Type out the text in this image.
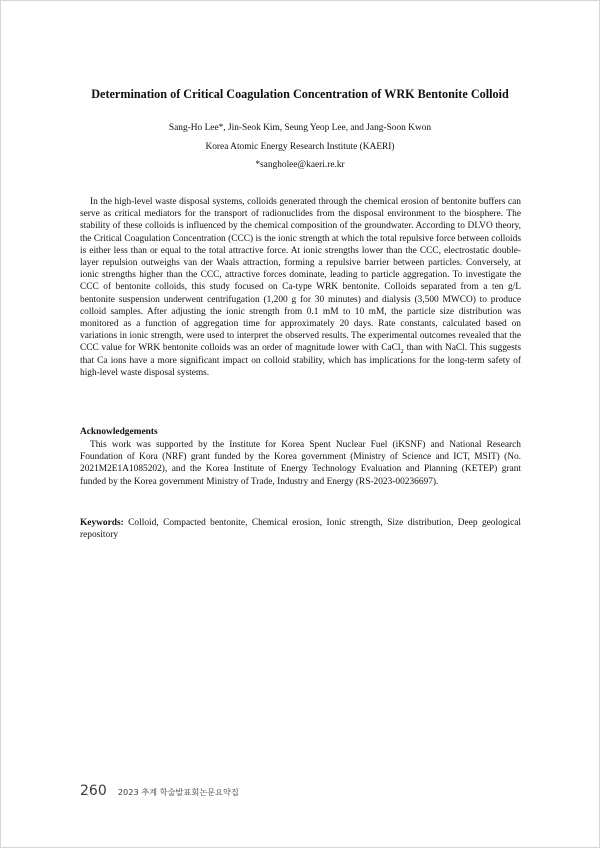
Determination of Critical Coagulation Concentration of WRK Bentonite Colloid
Sang-Ho Lee*, Jin-Seok Kim, Seung Yeop Lee, and Jang-Soon Kwon
Korea Atomic Energy Research Institute (KAERI)
*sangholee@kaeri.re.kr

In the high-level waste disposal systems, colloids generated through the chemical erosion of bentonite buffers can serve as critical mediators for the transport of radionuclides from the disposal environment to the biosphere. The stability of these colloids is influenced by the chemical composition of the groundwater. According to DLVO theory, the Critical Coagulation Concentration (CCC) is the ionic strength at which the total repulsive force between colloids is either less than or equal to the total attractive force. At ionic strengths lower than the CCC, electrostatic double-layer repulsion outweighs van der Waals attraction, forming a repulsive barrier between particles. Conversely, at ionic strengths higher than the CCC, attractive forces dominate, leading to particle aggregation. To investigate the CCC of bentonite colloids, this study focused on Ca-type WRK bentonite. Colloids separated from a ten g/L bentonite suspension underwent centrifugation (1,200 g for 30 minutes) and dialysis (3,500 MWCO) to produce colloid samples. After adjusting the ionic strength from 0.1 mM to 10 mM, the particle size distribution was monitored as a function of aggregation time for approximately 20 days. Rate constants, calculated based on variations in ionic strength, were used to interpret the observed results. The experimental outcomes revealed that the CCC value for WRK bentonite colloids was an order of magnitude lower with CaCl$_2$ than with NaCl. This suggests that Ca ions have a more significant impact on colloid stability, which has implications for the long-term safety of high-level waste disposal systems.

Acknowledgements

This work was supported by the Institute for Korea Spent Nuclear Fuel (iKSNF) and National Research Foundation of Kora (NRF) grant funded by the Korea government (Ministry of Science and ICT, MSIT) (No. 2021M2E1A1085202), and the Korea Institute of Energy Technology Evaluation and Planning (KETEP) grant funded by the Korea government Ministry of Trade, Industry and Energy (RS-2023-00236697).

Keywords: Colloid, Compacted bentonite, Chemical erosion, Ionic strength, Size distribution, Deep geological repository

260 2023 추계 학술발표회논문요약집
